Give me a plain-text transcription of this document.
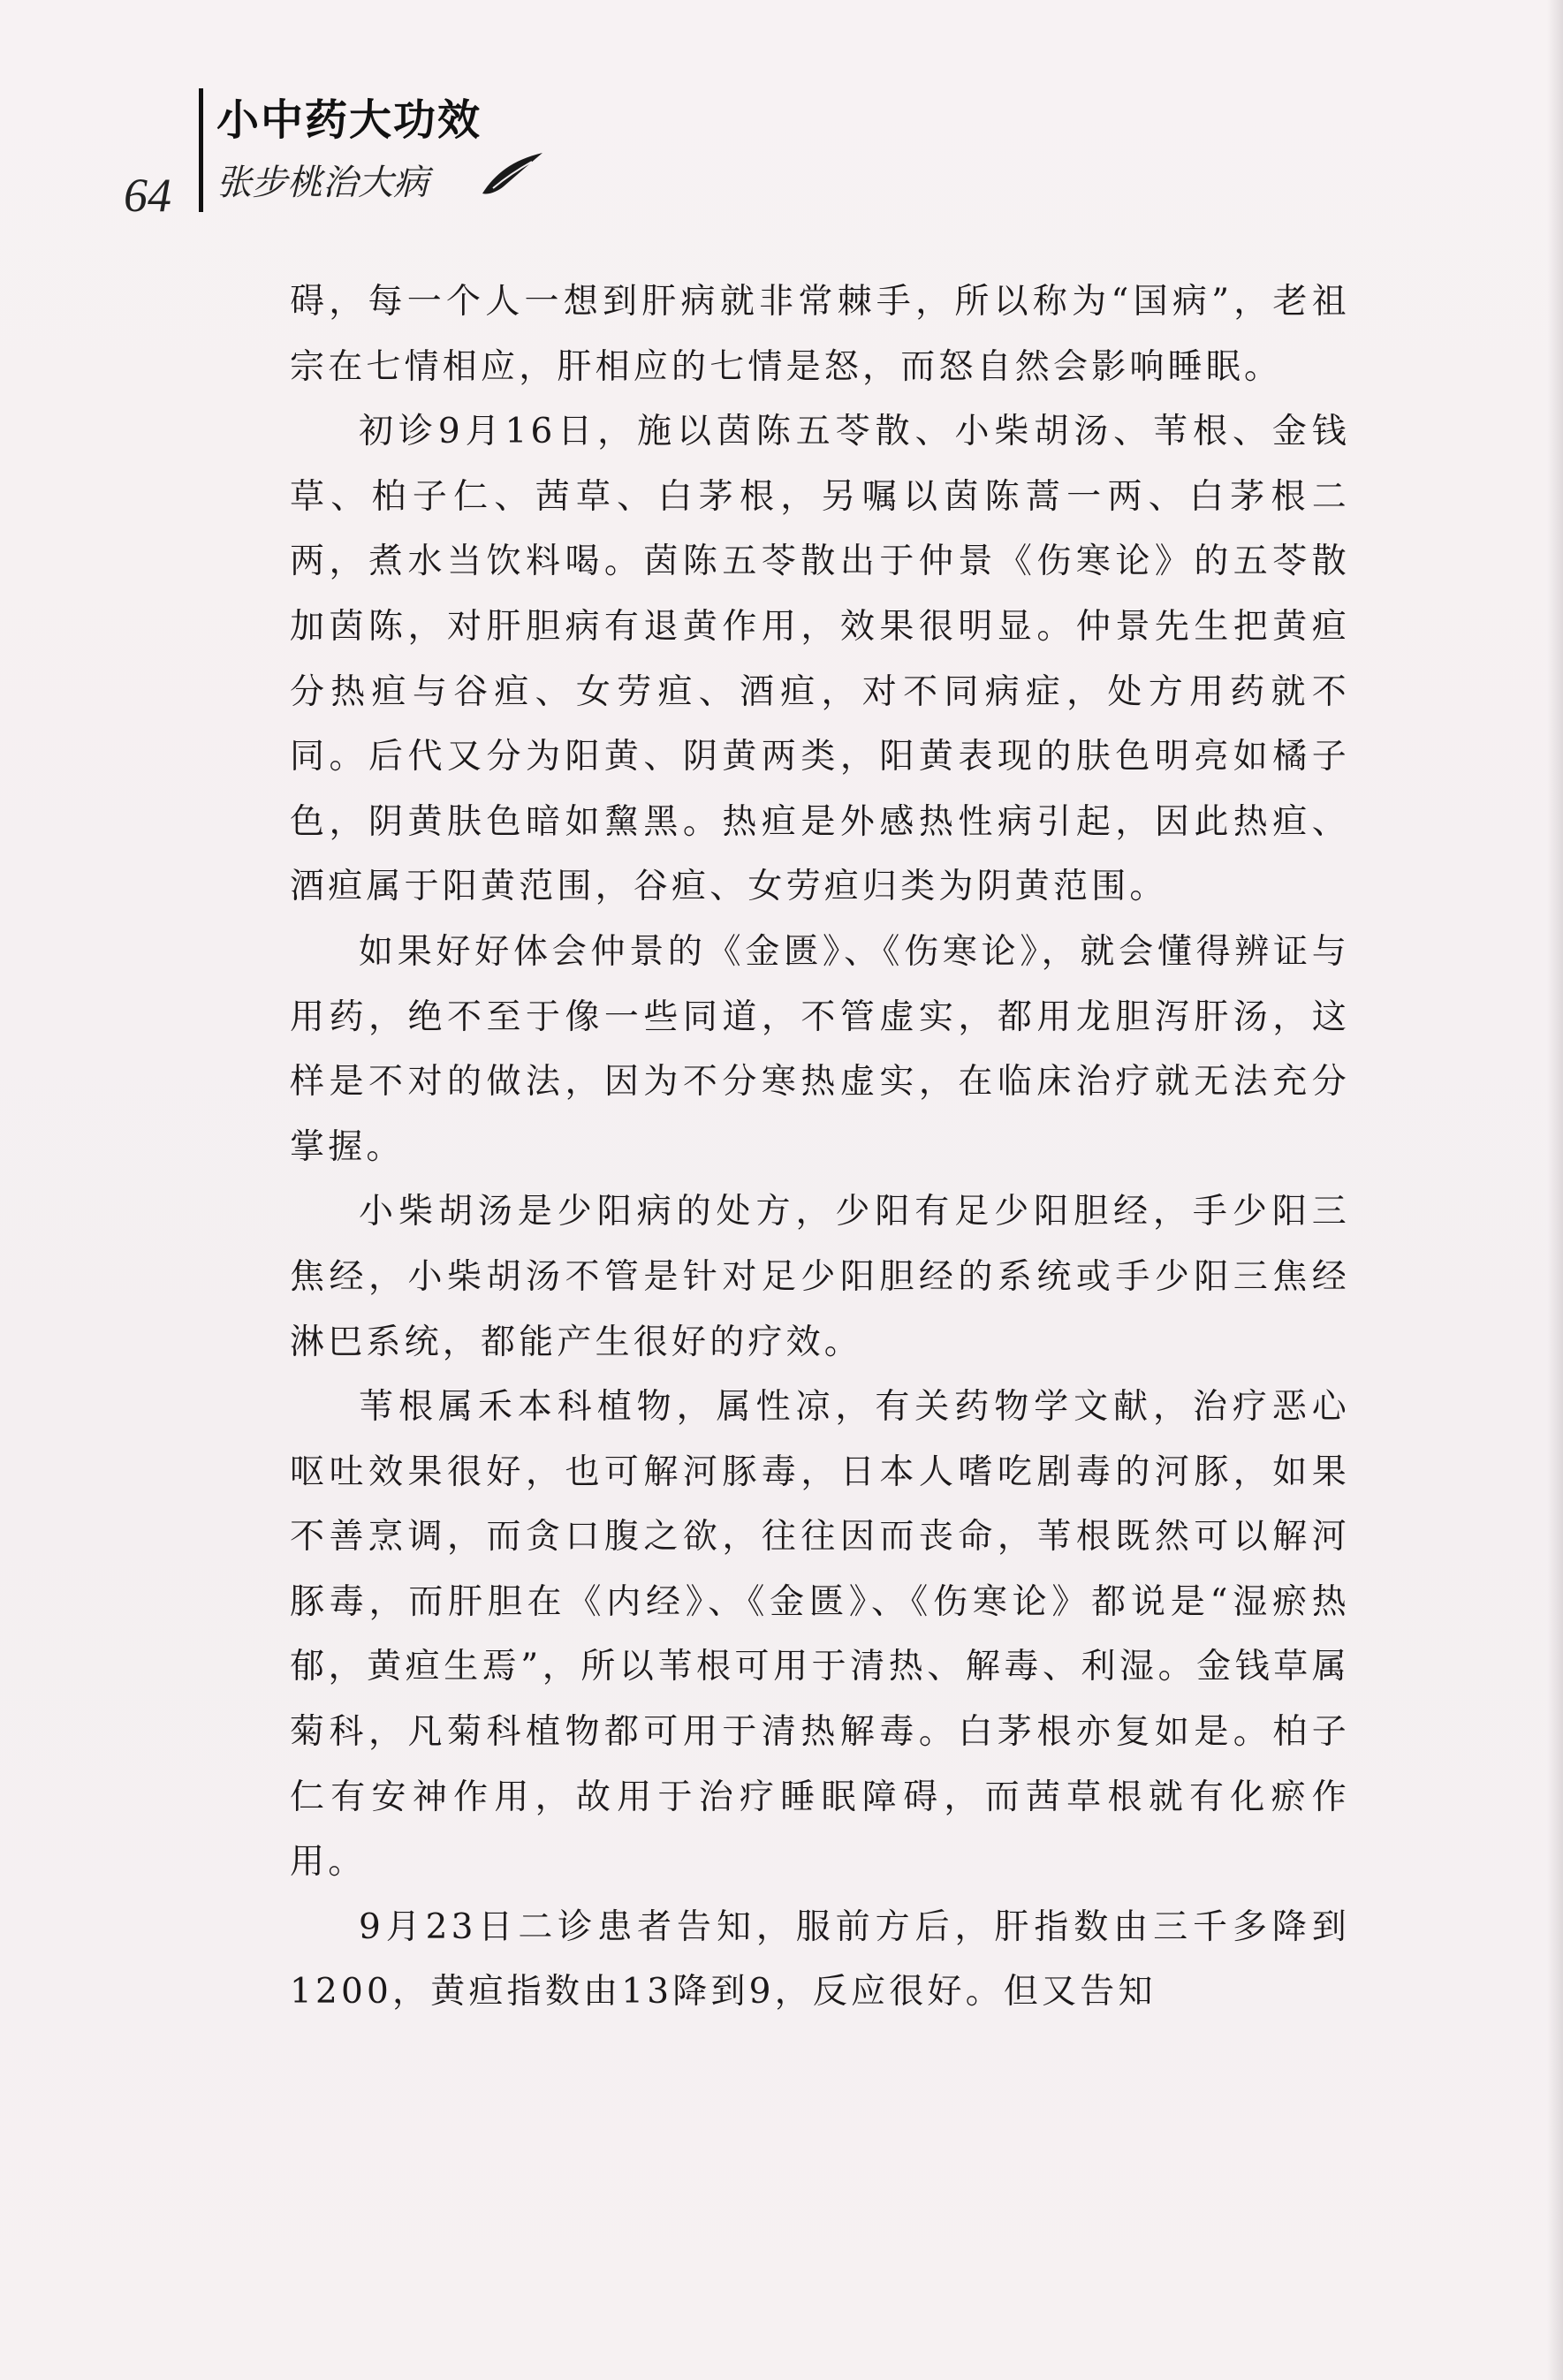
64
小中药大功效
张步桃治大病

碍，每一个人一想到肝病就非常棘手，所以称为“国病”，老祖宗在七情相应，肝相应的七情是怒，而怒自然会影响睡眠。

初诊9月16日，施以茵陈五苓散、小柴胡汤、苇根、金钱草、柏子仁、茜草、白茅根，另嘱以茵陈蒿一两、白茅根二两，煮水当饮料喝。茵陈五苓散出于仲景《伤寒论》的五苓散加茵陈，对肝胆病有退黄作用，效果很明显。仲景先生把黄疸分热疸与谷疸、女劳疸、酒疸，对不同病症，处方用药就不同。后代又分为阳黄、阴黄两类，阳黄表现的肤色明亮如橘子色，阴黄肤色暗如黧黑。热疸是外感热性病引起，因此热疸、酒疸属于阳黄范围，谷疸、女劳疸归类为阴黄范围。

如果好好体会仲景的《金匮》、《伤寒论》，就会懂得辨证与用药，绝不至于像一些同道，不管虚实，都用龙胆泻肝汤，这样是不对的做法，因为不分寒热虚实，在临床治疗就无法充分掌握。

小柴胡汤是少阳病的处方，少阳有足少阳胆经，手少阳三焦经，小柴胡汤不管是针对足少阳胆经的系统或手少阳三焦经淋巴系统，都能产生很好的疗效。

苇根属禾本科植物，属性凉，有关药物学文献，治疗恶心呕吐效果很好，也可解河豚毒，日本人嗜吃剧毒的河豚，如果不善烹调，而贪口腹之欲，往往因而丧命，苇根既然可以解河豚毒，而肝胆在《内经》、《金匮》、《伤寒论》都说是“湿瘀热郁，黄疸生焉”，所以苇根可用于清热、解毒、利湿。金钱草属菊科，凡菊科植物都可用于清热解毒。白茅根亦复如是。柏子仁有安神作用，故用于治疗睡眠障碍，而茜草根就有化瘀作用。

9月23日二诊患者告知，服前方后，肝指数由三千多降到1200，黄疸指数由13降到9，反应很好。但又告知
